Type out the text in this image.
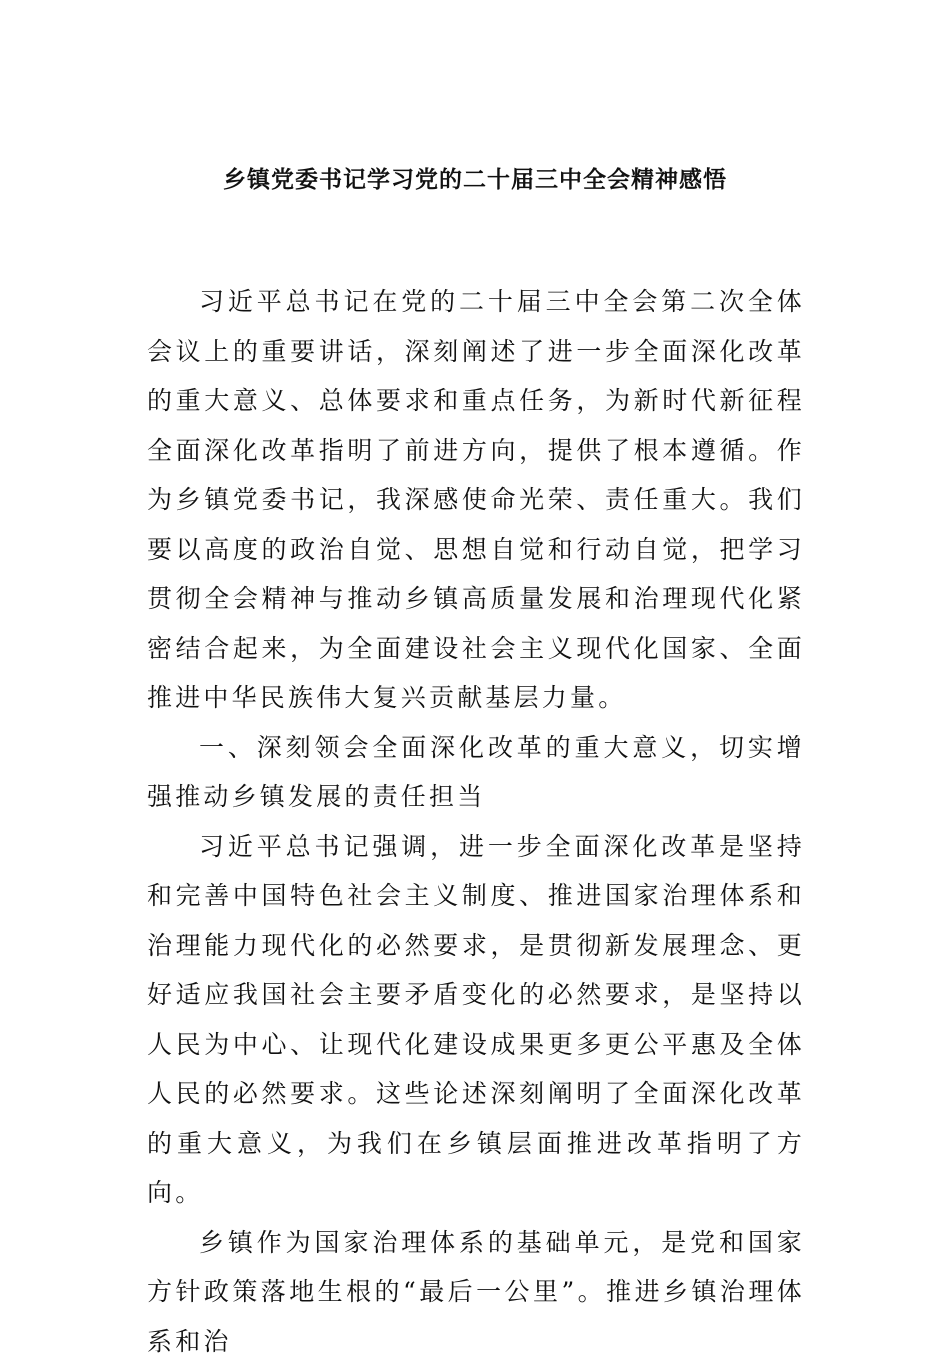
乡镇党委书记学习党的二十届三中全会精神感悟

习近平总书记在党的二十届三中全会第二次全体会议上的重要讲话，深刻阐述了进一步全面深化改革的重大意义、总体要求和重点任务，为新时代新征程全面深化改革指明了前进方向，提供了根本遵循。作为乡镇党委书记，我深感使命光荣、责任重大。我们要以高度的政治自觉、思想自觉和行动自觉，把学习贯彻全会精神与推动乡镇高质量发展和治理现代化紧密结合起来，为全面建设社会主义现代化国家、全面推进中华民族伟大复兴贡献基层力量。

一、深刻领会全面深化改革的重大意义，切实增强推动乡镇发展的责任担当

习近平总书记强调，进一步全面深化改革是坚持和完善中国特色社会主义制度、推进国家治理体系和治理能力现代化的必然要求，是贯彻新发展理念、更好适应我国社会主要矛盾变化的必然要求，是坚持以人民为中心、让现代化建设成果更多更公平惠及全体人民的必然要求。这些论述深刻阐明了全面深化改革的重大意义，为我们在乡镇层面推进改革指明了方向。

乡镇作为国家治理体系的基础单元，是党和国家方针政策落地生根的“最后一公里”。推进乡镇治理体系和治
